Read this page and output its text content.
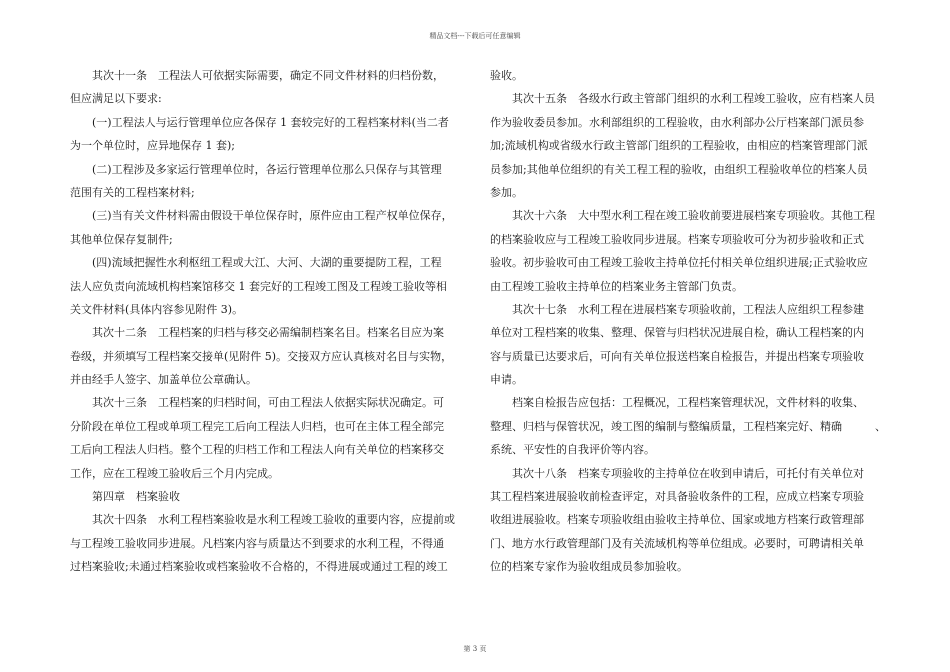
精品文档---下载后可任意编辑
　　其次十一条　工程法人可依据实际需要，确定不同文件材料的归档份数，
但应满足以下要求:
　　(一)工程法人与运行管理单位应各保存 1 套较完好的工程档案材料(当二者
为一个单位时，应异地保存 1 套);
　　(二)工程涉及多家运行管理单位时，各运行管理单位那么只保存与其管理
范围有关的工程档案材料;
　　(三)当有关文件材料需由假设干单位保存时，原件应由工程产权单位保存，
其他单位保存复制件;
　　(四)流域把握性水利枢纽工程或大江、大河、大湖的重要提防工程，工程
法人应负责向流域机构档案馆移交 1 套完好的工程竣工图及工程竣工验收等相
关文件材料(具体内容参见附件 3)。
　　其次十二条　工程档案的归档与移交必需编制档案名目。档案名目应为案
卷级，并须填写工程档案交接单(见附件 5)。交接双方应认真核对名目与实物，
并由经手人签字、加盖单位公章确认。
　　其次十三条　工程档案的归档时间，可由工程法人依据实际状况确定。可
分阶段在单位工程或单项工程完工后向工程法人归档，也可在主体工程全部完
工后向工程法人归档。整个工程的归档工作和工程法人向有关单位的档案移交
工作，应在工程竣工验收后三个月内完成。
　　第四章　档案验收
　　其次十四条　水利工程档案验收是水利工程竣工验收的重要内容，应提前或
与工程竣工验收同步进展。凡档案内容与质量达不到要求的水利工程，不得通
过档案验收;未通过档案验收或档案验收不合格的，不得进展或通过工程的竣工
验收。
　　其次十五条　各级水行政主管部门组织的水利工程竣工验收，应有档案人员
作为验收委员参加。水利部组织的工程验收，由水利部办公厅档案部门派员参
加;流域机构或省级水行政主管部门组织的工程验收，由相应的档案管理部门派
员参加;其他单位组织的有关工程工程的验收，由组织工程验收单位的档案人员
参加。
　　其次十六条　大中型水利工程在竣工验收前要进展档案专项验收。其他工程
的档案验收应与工程竣工验收同步进展。档案专项验收可分为初步验收和正式
验收。初步验收可由工程竣工验收主持单位托付相关单位组织进展;正式验收应
由工程竣工验收主持单位的档案业务主管部门负责。
　　其次十七条　水利工程在进展档案专项验收前，工程法人应组织工程参建
单位对工程档案的收集、整理、保管与归档状况进展自检，确认工程档案的内
容与质量已达要求后，可向有关单位报送档案自检报告，并提出档案专项验收
申请。
　　档案自检报告应包括：工程概况，工程档案管理状况，文件材料的收集、
整理、归档与保管状况，竣工图的编制与整编质量，工程档案完好、精确　　　、
系统、平安性的自我评价等内容。
　　其次十八条　档案专项验收的主持单位在收到申请后，可托付有关单位对
其工程档案进展验收前检查评定，对具备验收条件的工程，应成立档案专项验
收组进展验收。档案专项验收组由验收主持单位、国家或地方档案行政管理部
门、地方水行政管理部门及有关流域机构等单位组成。必要时，可聘请相关单
位的档案专家作为验收组成员参加验收。
第 3 页
